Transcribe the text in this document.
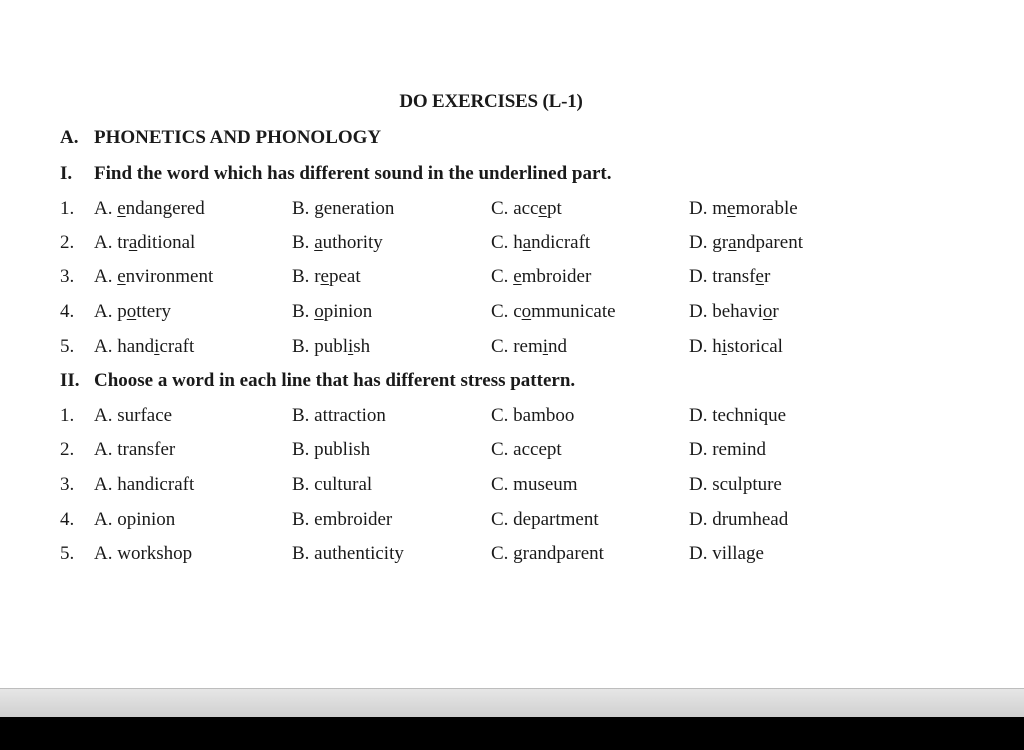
DO EXERCISES (L-1)
A. PHONETICS AND PHONOLOGY
I. Find the word which has different sound in the underlined part.
1.	A. endangered	B. generation	C. accept	D. memorable
2.	A. traditional	B. authority	C. handicraft	D. grandparent
3.	A. environment	B. repeat	C. embroider	D. transfer
4.	A. pottery	B. opinion	C. communicate	D. behavior
5.	A. handicraft	B. publish	C. remind	D. historical
II. Choose a word in each line that has different stress pattern.
1.	A. surface	B. attraction	C. bamboo	D. technique
2.	A. transfer	B. publish	C. accept	D. remind
3.	A. handicraft	B. cultural	C. museum	D. sculpture
4.	A. opinion	B. embroider	C. department	D. drumhead
5.	A. workshop	B. authenticity	C. grandparent	D. village
